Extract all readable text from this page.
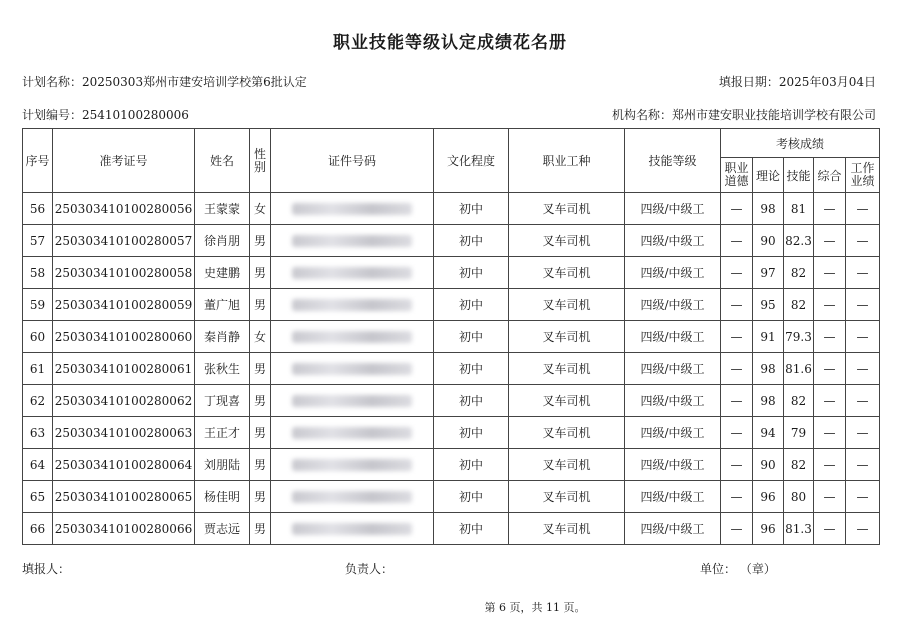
职业技能等级认定成绩花名册
计划名称：20250303郑州市建安培训学校第6批认定	填报日期：2025年03月04日
计划编号：25410100280006	机构名称：郑州市建安职业技能培训学校有限公司
序号	准考证号	姓名	性别	证件号码	文化程度	职业工种	技能等级	考核成绩				
								职业道德	理论	技能	综合	工作业绩
56	250303410100280056	王蒙蒙	女		初中	叉车司机	四级/中级工	—	98	81	—	—
57	250303410100280057	徐肖朋	男		初中	叉车司机	四级/中级工	—	90	82.3	—	—
58	250303410100280058	史建鹏	男		初中	叉车司机	四级/中级工	—	97	82	—	—
59	250303410100280059	董广旭	男		初中	叉车司机	四级/中级工	—	95	82	—	—
60	250303410100280060	秦肖静	女		初中	叉车司机	四级/中级工	—	91	79.3	—	—
61	250303410100280061	张秋生	男		初中	叉车司机	四级/中级工	—	98	81.6	—	—
62	250303410100280062	丁现喜	男		初中	叉车司机	四级/中级工	—	98	82	—	—
63	250303410100280063	王正才	男		初中	叉车司机	四级/中级工	—	94	79	—	—
64	250303410100280064	刘朋陆	男		初中	叉车司机	四级/中级工	—	90	82	—	—
65	250303410100280065	杨佳明	男		初中	叉车司机	四级/中级工	—	96	80	—	—
66	250303410100280066	贾志远	男		初中	叉车司机	四级/中级工	—	96	81.3	—	—
填报人：	负责人：	单位： （章）
第 6 页，共 11 页。
